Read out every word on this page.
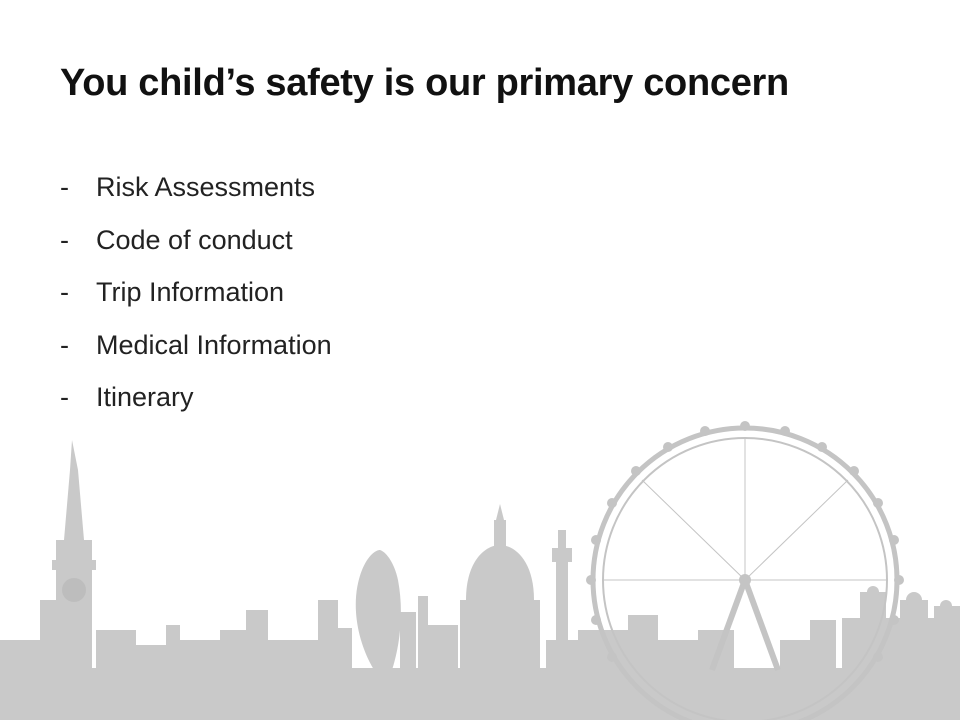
You child’s safety is our primary concern
-	Risk Assessments
-	Code of conduct
-	Trip Information
-	Medical Information
-	Itinerary
